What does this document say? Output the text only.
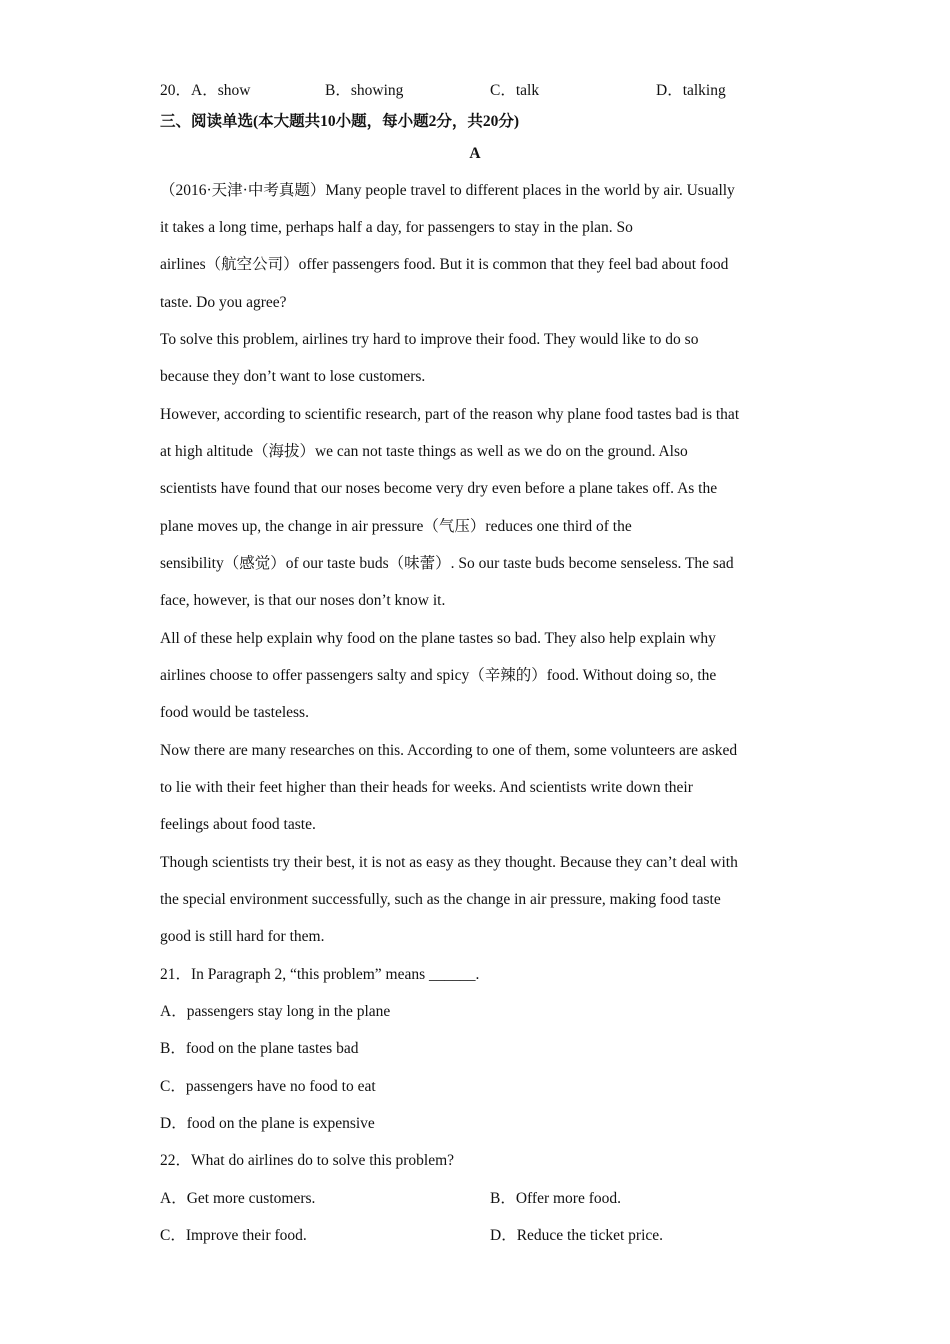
20．A．show	B．showing	C．talk	D．talking
三、阅读单选(本大题共10小题，每小题2分，共20分)
A
（2016·天津·中考真题）Many people travel to different places in the world by air. Usually
it takes a long time, perhaps half a day, for passengers to stay in the plan. So
airlines（航空公司）offer passengers food. But it is common that they feel bad about food
taste. Do you agree?
To solve this problem, airlines try hard to improve their food. They would like to do so
because they don’t want to lose customers.
However, according to scientific research, part of the reason why plane food tastes bad is that
at high altitude（海拔）we can not taste things as well as we do on the ground. Also
scientists have found that our noses become very dry even before a plane takes off. As the
plane moves up, the change in air pressure（气压）reduces one third of the
sensibility（感觉）of our taste buds（味蕾）. So our taste buds become senseless. The sad
face, however, is that our noses don’t know it.
All of these help explain why food on the plane tastes so bad. They also help explain why
airlines choose to offer passengers salty and spicy（辛辣的）food. Without doing so, the
food would be tasteless.
Now there are many researches on this. According to one of them, some volunteers are asked
to lie with their feet higher than their heads for weeks. And scientists write down their
feelings about food taste.
Though scientists try their best, it is not as easy as they thought. Because they can’t deal with
the special environment successfully, such as the change in air pressure, making food taste
good is still hard for them.
21．In Paragraph 2, “this problem” means ______.
A．passengers stay long in the plane
B．food on the plane tastes bad
C．passengers have no food to eat
D．food on the plane is expensive
22．What do airlines do to solve this problem?
A．Get more customers.	B．Offer more food.
C．Improve their food.	D．Reduce the ticket price.
